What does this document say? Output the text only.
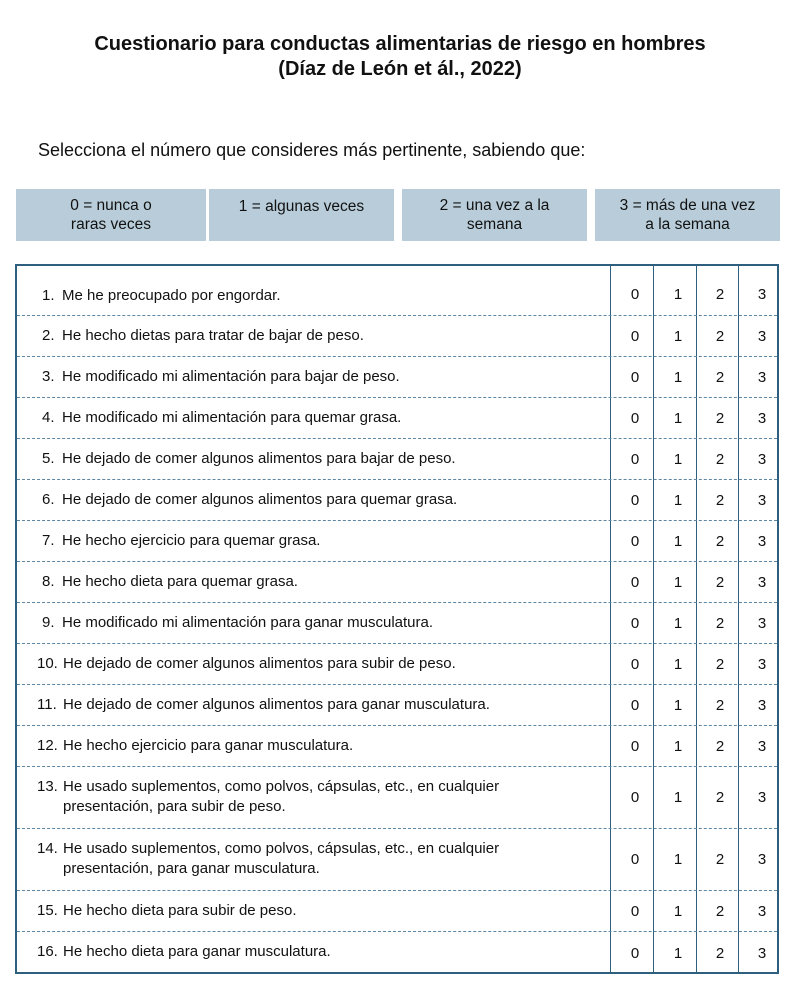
Cuestionario para conductas alimentarias de riesgo en hombres
(Díaz de León et ál., 2022)
Selecciona el número que consideres más pertinente, sabiendo que:
0 = nunca o
raras veces
1 = algunas veces	2 = una vez a la
semana
3 = más de una vez
a la semana
1. Me he preocupado por engordar.	0	1	2	3
2. He hecho dietas para tratar de bajar de peso.	0	1	2	3
3. He modificado mi alimentación para bajar de peso.	0	1	2	3
4. He modificado mi alimentación para quemar grasa.	0	1	2	3
5. He dejado de comer algunos alimentos para bajar de peso.	0	1	2	3
6. He dejado de comer algunos alimentos para quemar grasa.	0	1	2	3
7. He hecho ejercicio para quemar grasa.	0	1	2	3
8. He hecho dieta para quemar grasa.	0	1	2	3
9. He modificado mi alimentación para ganar musculatura.	0	1	2	3
10. He dejado de comer algunos alimentos para subir de peso.	0	1	2	3
11. He dejado de comer algunos alimentos para ganar musculatura.	0	1	2	3
12. He hecho ejercicio para ganar musculatura.	0	1	2	3
13. He usado suplementos, como polvos, cápsulas, etc., en cualquier presentación, para subir de peso.
0	1	2	3
14. He usado suplementos, como polvos, cápsulas, etc., en cualquier presentación, para ganar musculatura.
0	1	2	3
15. He hecho dieta para subir de peso.	0	1	2	3
16. He hecho dieta para ganar musculatura.	0	1	2	3
